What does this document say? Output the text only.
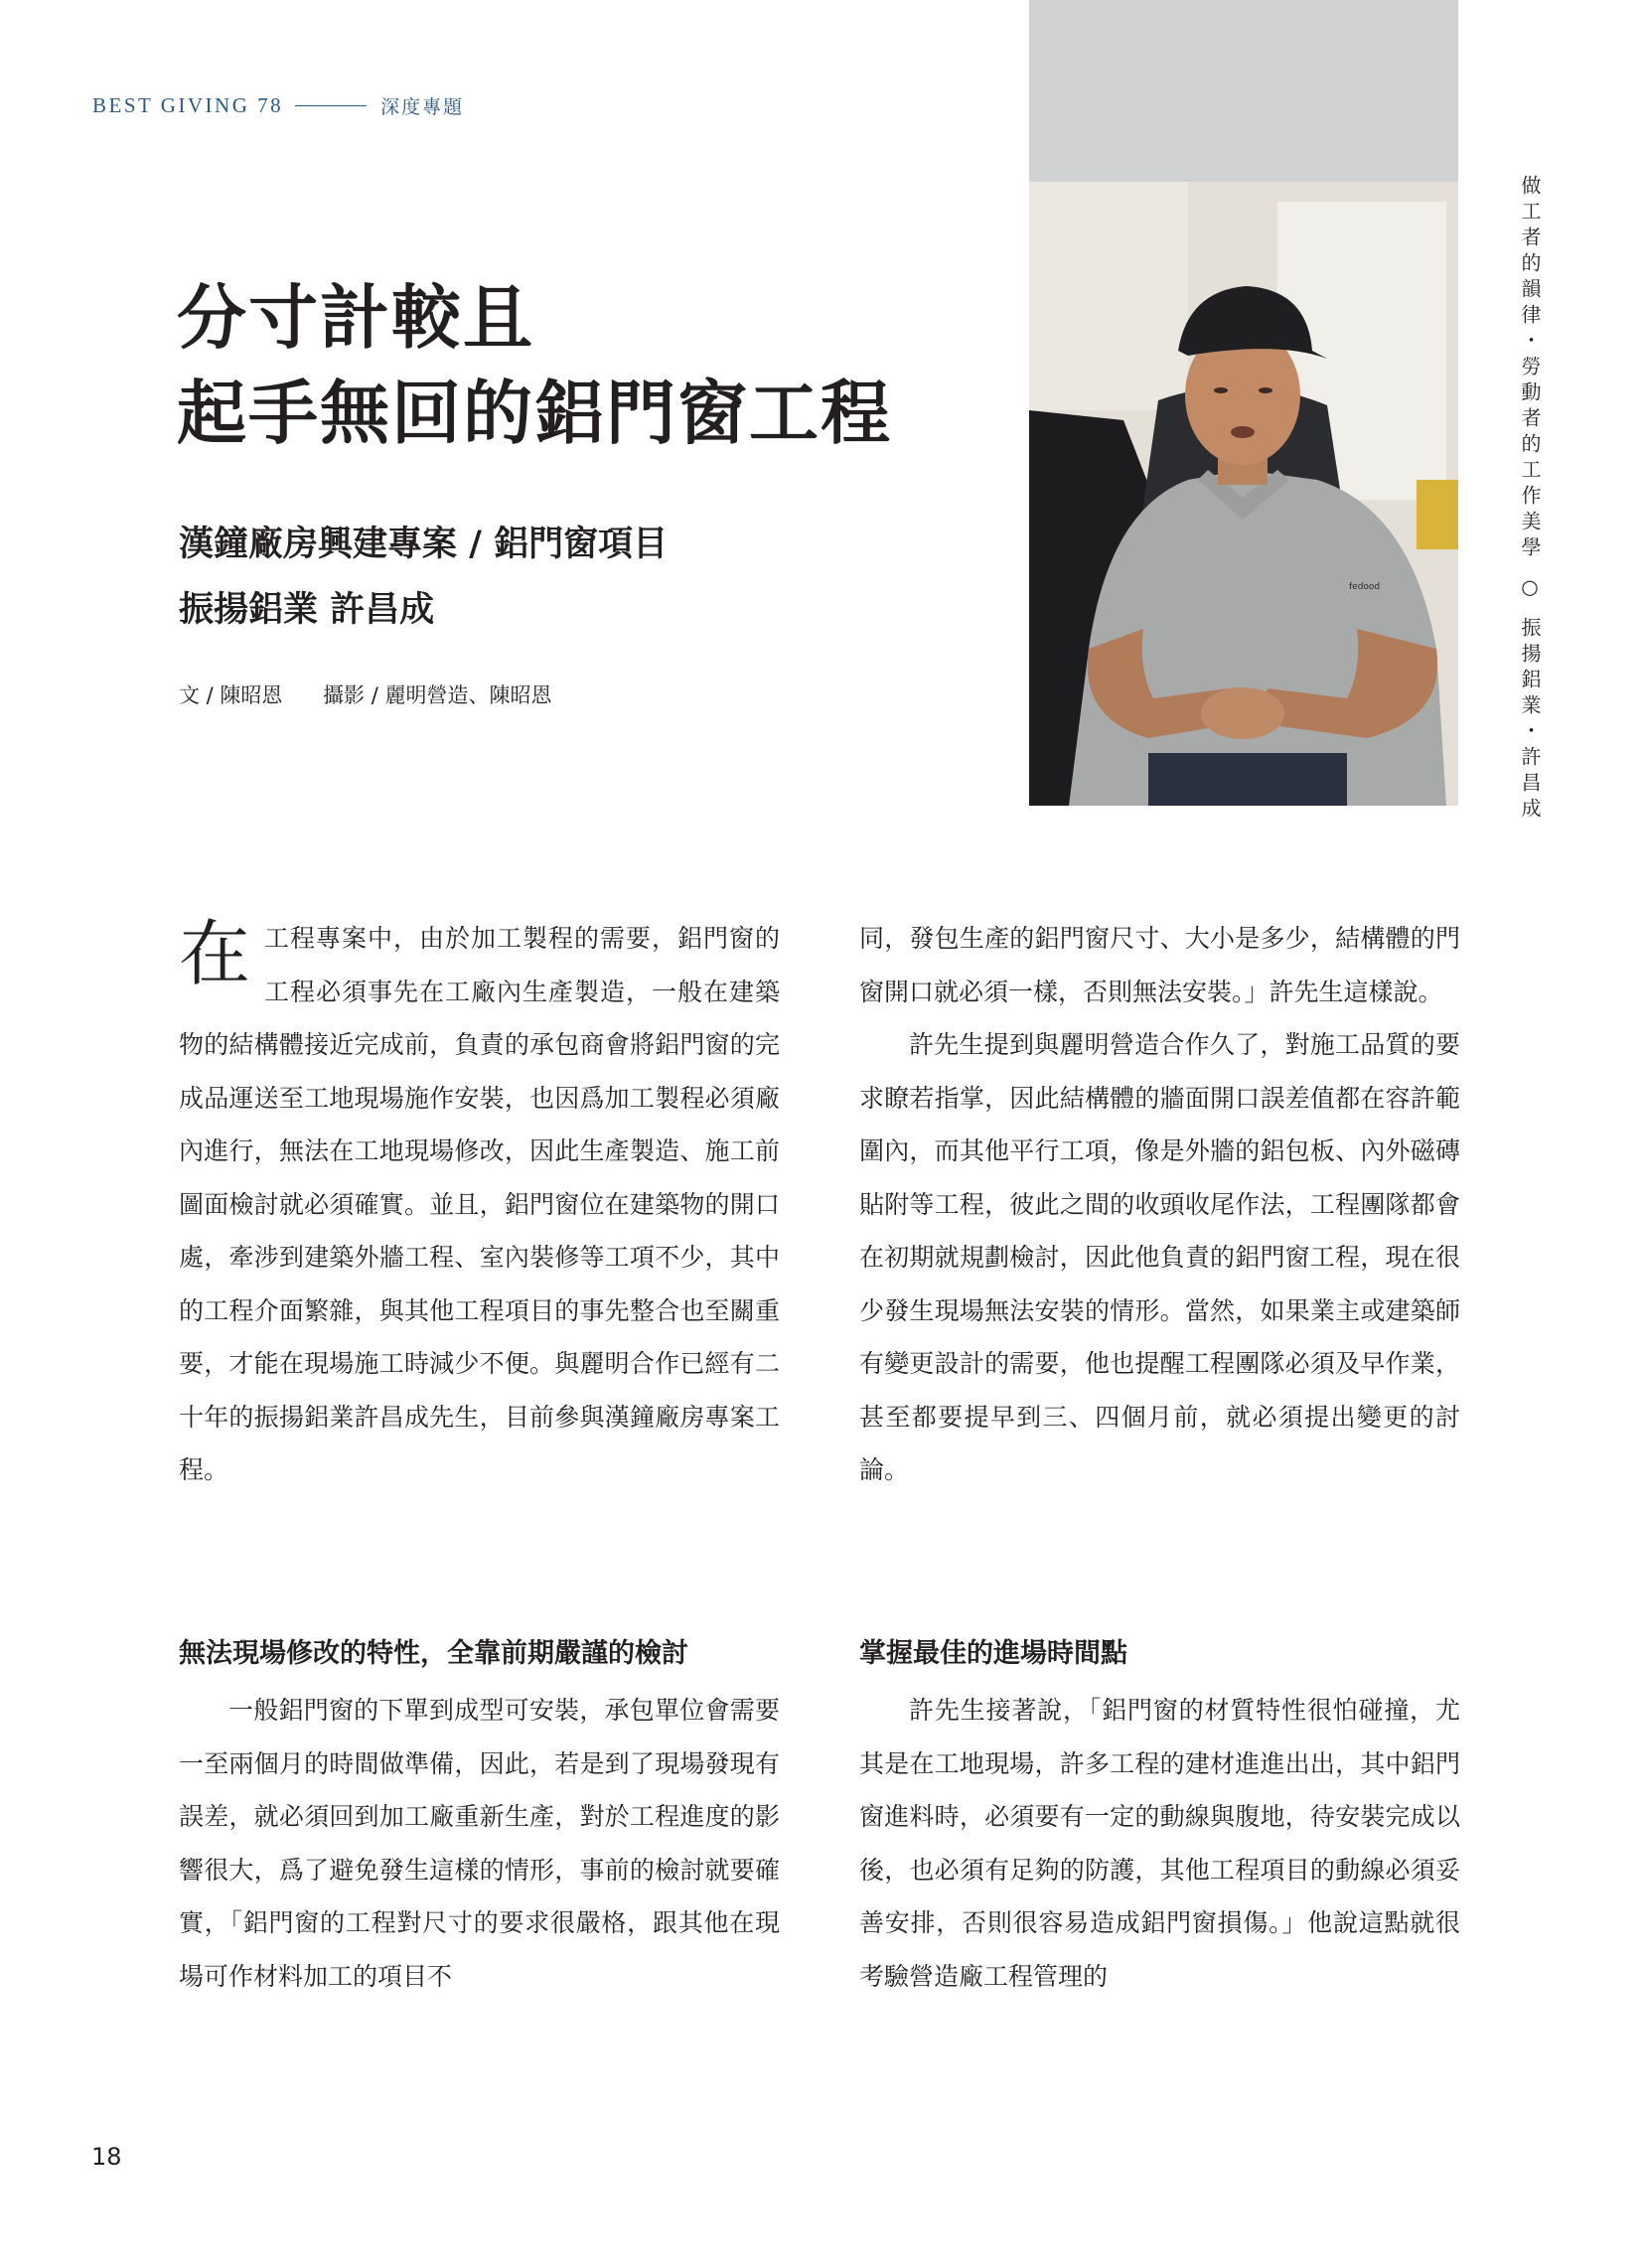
BEST GIVING 78	深度專題
fedood	做工者的韻律・勞動者的工作美學 ○ 振揚鋁業・許昌成
分寸計較且
起手無回的鋁門窗工程
漢鐘廠房興建專案 / 鋁門窗項目
振揚鋁業 許昌成
文 / 陳昭恩 攝影 / 麗明營造、陳昭恩

在工程專案中，由於加工製程的需要，鋁門窗的工程必須事先在工廠內生產製造，一般在建築物的結構體接近完成前，負責的承包商會將鋁門窗的完成品運送至工地現場施作安裝，也因爲加工製程必須廠內進行，無法在工地現場修改，因此生產製造、施工前圖面檢討就必須確實。並且，鋁門窗位在建築物的開口處，牽涉到建築外牆工程、室內裝修等工項不少，其中的工程介面繁雜，與其他工程項目的事先整合也至關重要，才能在現場施工時減少不便。與麗明合作已經有二十年的振揚鋁業許昌成先生，目前參與漢鐘廠房專案工程。

同，發包生產的鋁門窗尺寸、大小是多少，結構體的門窗開口就必須一樣，否則無法安裝。」許先生這樣說。

許先生提到與麗明營造合作久了，對施工品質的要求瞭若指掌，因此結構體的牆面開口誤差值都在容許範圍內，而其他平行工項，像是外牆的鋁包板、內外磁磚貼附等工程，彼此之間的收頭收尾作法，工程團隊都會在初期就規劃檢討，因此他負責的鋁門窗工程，現在很少發生現場無法安裝的情形。當然，如果業主或建築師有變更設計的需要，他也提醒工程團隊必須及早作業，甚至都要提早到三、四個月前，就必須提出變更的討論。

無法現場修改的特性，全靠前期嚴謹的檢討	掌握最佳的進場時間點

一般鋁門窗的下單到成型可安裝，承包單位會需要一至兩個月的時間做準備，因此，若是到了現場發現有誤差，就必須回到加工廠重新生產，對於工程進度的影響很大，爲了避免發生這樣的情形，事前的檢討就要確實，「鋁門窗的工程對尺寸的要求很嚴格，跟其他在現場可作材料加工的項目不

許先生接著說，「鋁門窗的材質特性很怕碰撞，尤其是在工地現場，許多工程的建材進進出出，其中鋁門窗進料時，必須要有一定的動線與腹地，待安裝完成以後，也必須有足夠的防護，其他工程項目的動線必須妥善安排，否則很容易造成鋁門窗損傷。」他說這點就很考驗營造廠工程管理的

18
